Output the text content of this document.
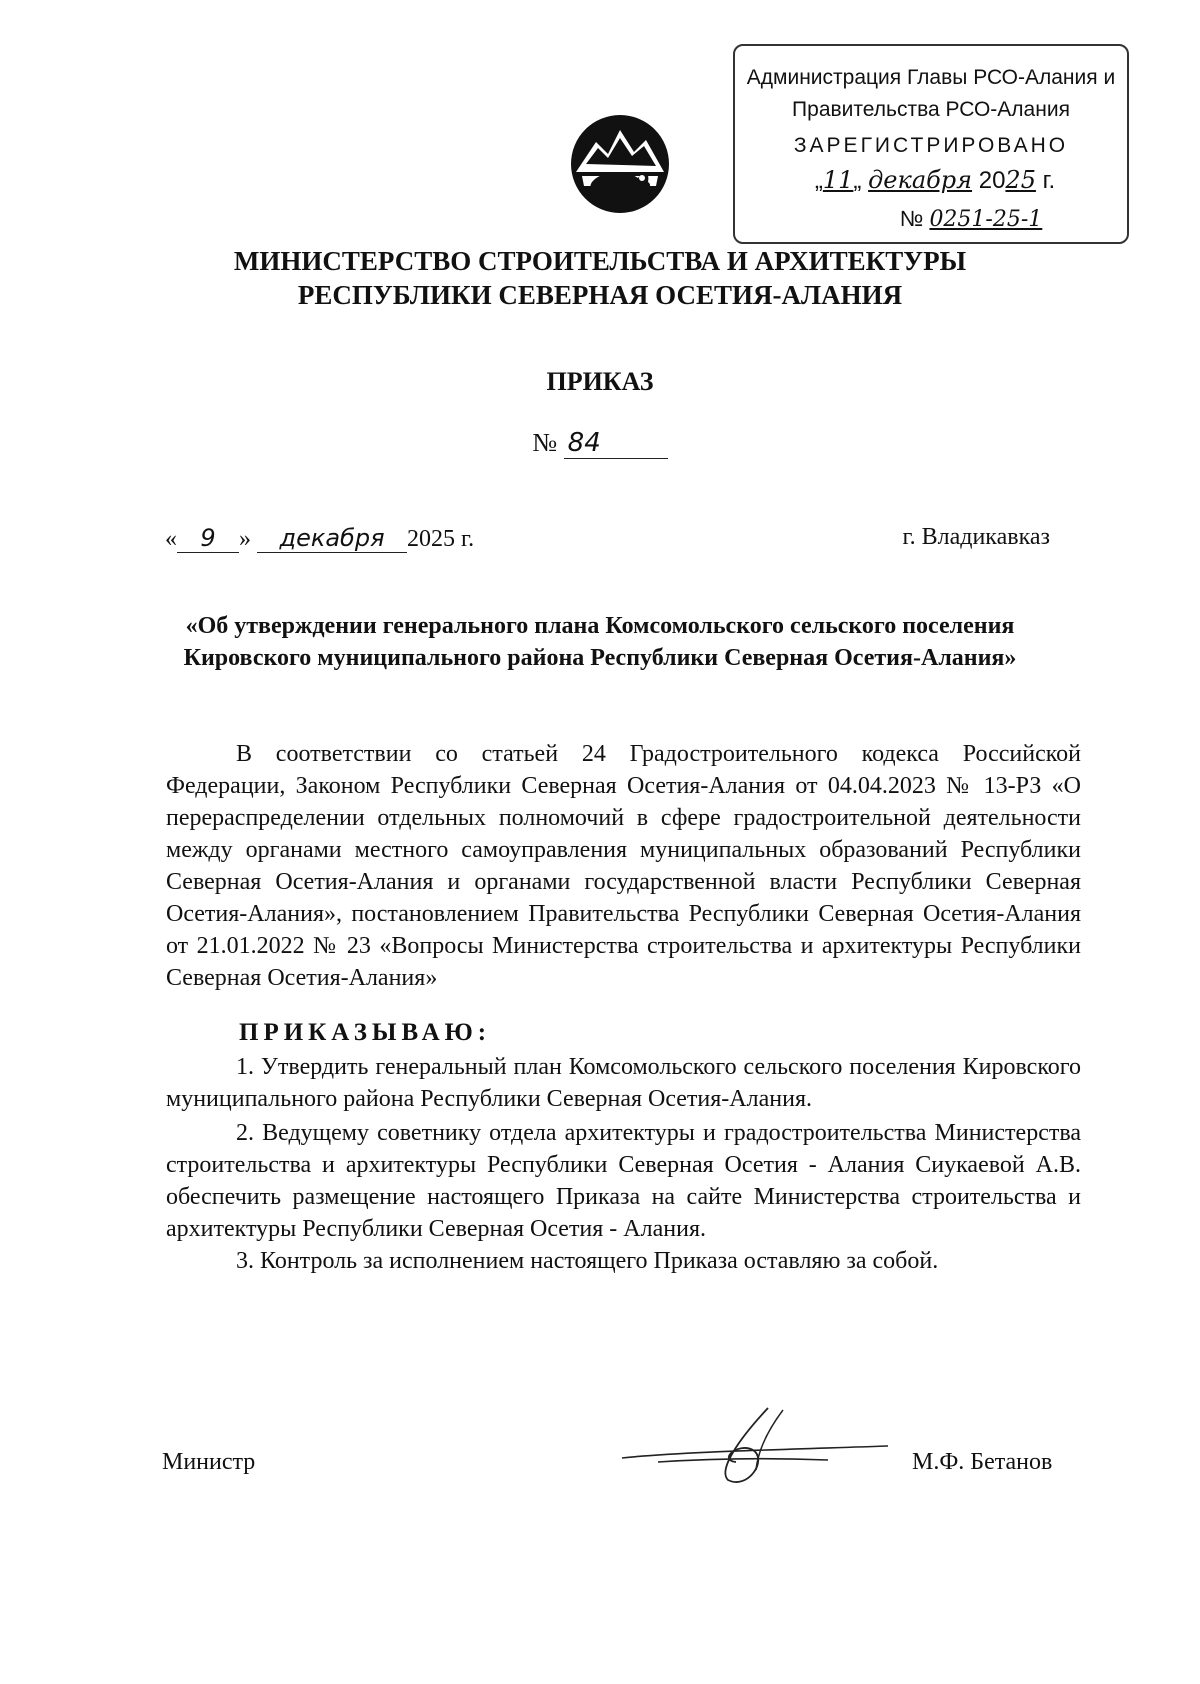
Администрация Главы РСО-Алания и
Правительства РСО-Алания
ЗАРЕГИСТРИРОВАНО
„11„ декабря 2025 г.
№ 0251-25-1
МИНИСТЕРСТВО СТРОИТЕЛЬСТВА И АРХИТЕКТУРЫ
РЕСПУБЛИКИ СЕВЕРНАЯ ОСЕТИЯ-АЛАНИЯ
ПРИКАЗ
№ 84
« 9 » декабря 2025 г.	г. Владикавказ
«Об утверждении генерального плана Комсомольского сельского поселения Кировского муниципального района Республики Северная Осетия-Алания»
В соответствии со статьей 24 Градостроительного кодекса Российской Федерации, Законом Республики Северная Осетия-Алания от 04.04.2023 № 13-РЗ «О перераспределении отдельных полномочий в сфере градостроительной деятельности между органами местного самоуправления муниципальных образований Республики Северная Осетия-Алания и органами государственной власти Республики Северная Осетия-Алания», постановлением Правительства Республики Северная Осетия-Алания от 21.01.2022 № 23 «Вопросы Министерства строительства и архитектуры Республики Северная Осетия-Алания»
ПРИКАЗЫВАЮ:
1. Утвердить генеральный план Комсомольского сельского поселения Кировского муниципального района Республики Северная Осетия-Алания.
2. Ведущему советнику отдела архитектуры и градостроительства Министерства строительства и архитектуры Республики Северная Осетия - Алания Сиукаевой А.В. обеспечить размещение настоящего Приказа на сайте Министерства строительства и архитектуры Республики Северная Осетия - Алания.
3. Контроль за исполнением настоящего Приказа оставляю за собой.
Министр	М.Ф. Бетанов
